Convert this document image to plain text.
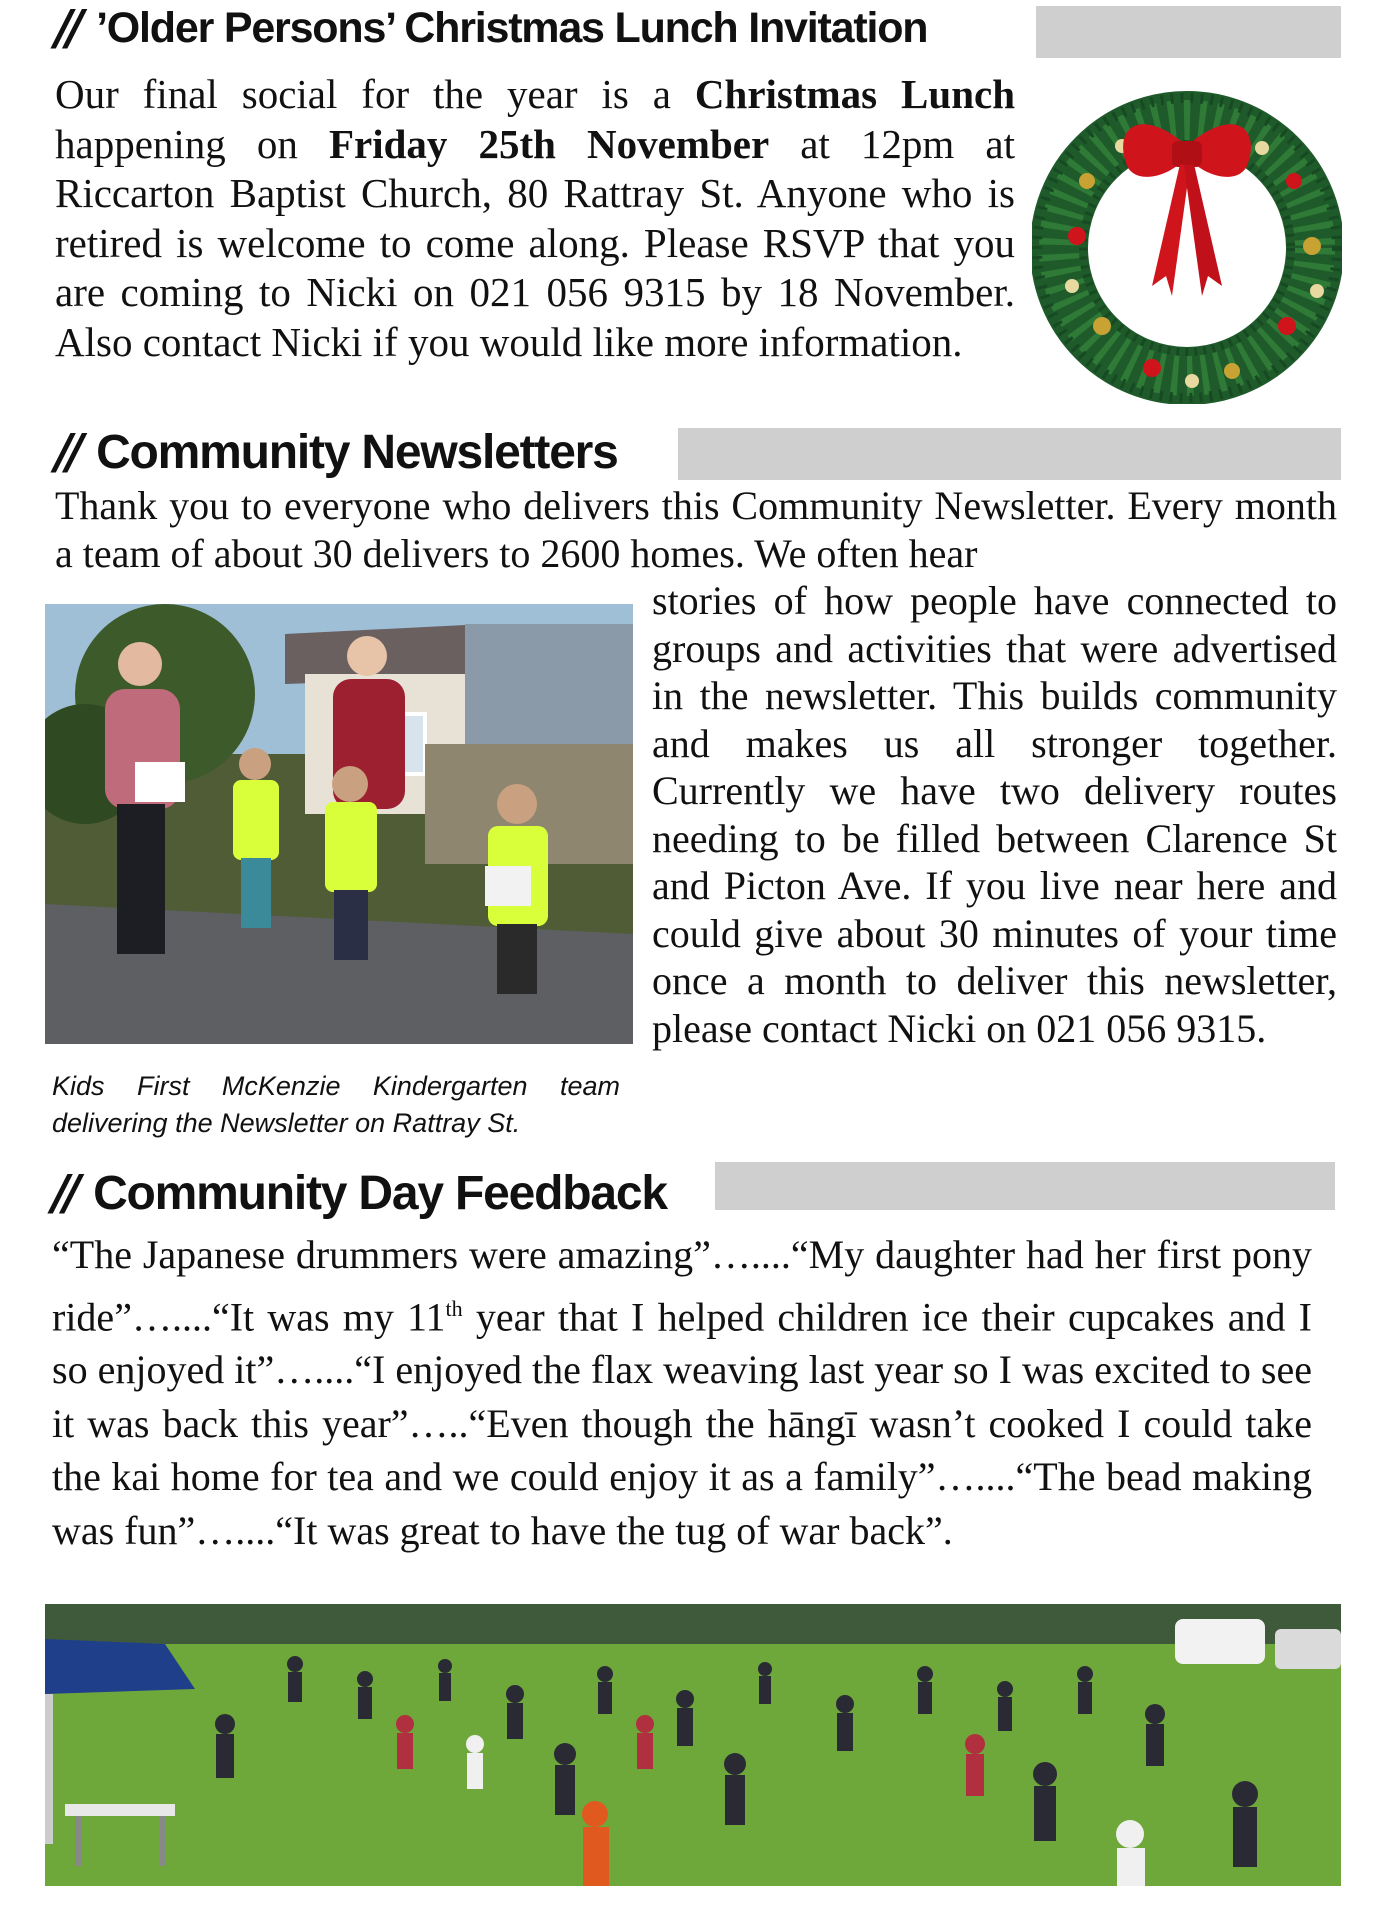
// ’Older Persons’ Christmas Lunch Invitation
Our final social for the year is a Christmas Lunch happening on Friday 25th November at 12pm at Riccarton Baptist Church, 80 Rattray St. Anyone who is retired is welcome to come along. Please RSVP that you are coming to Nicki on 021 056 9315 by 18 November. Also contact Nicki if you would like more information.
// Community Newsletters
Thank you to everyone who delivers this Community Newsletter. Every month a team of about 30 delivers to 2600 homes. We often hear
stories of how people have connected to groups and activities that were advertised in the newsletter. This builds community and makes us all stronger together. Currently we have two delivery routes needing to be filled between Clarence St and Picton Ave. If you live near here and could give about 30 minutes of your time once a month to deliver this newsletter, please contact Nicki on 021 056 9315.
Kids First McKenzie Kindergarten team delivering the Newsletter on Rattray St.
// Community Day Feedback
“The Japanese drummers were amazing”…....“My daughter had her first pony ride”…....“It was my 11th year that I helped children ice their cupcakes and I so enjoyed it”…....“I enjoyed the flax weaving last year so I was excited to see it was back this year”…..“Even though the hāngī wasn’t cooked I could take the kai home for tea and we could enjoy it as a family”…....“The bead making was fun”…....“It was great to have the tug of war back”.
